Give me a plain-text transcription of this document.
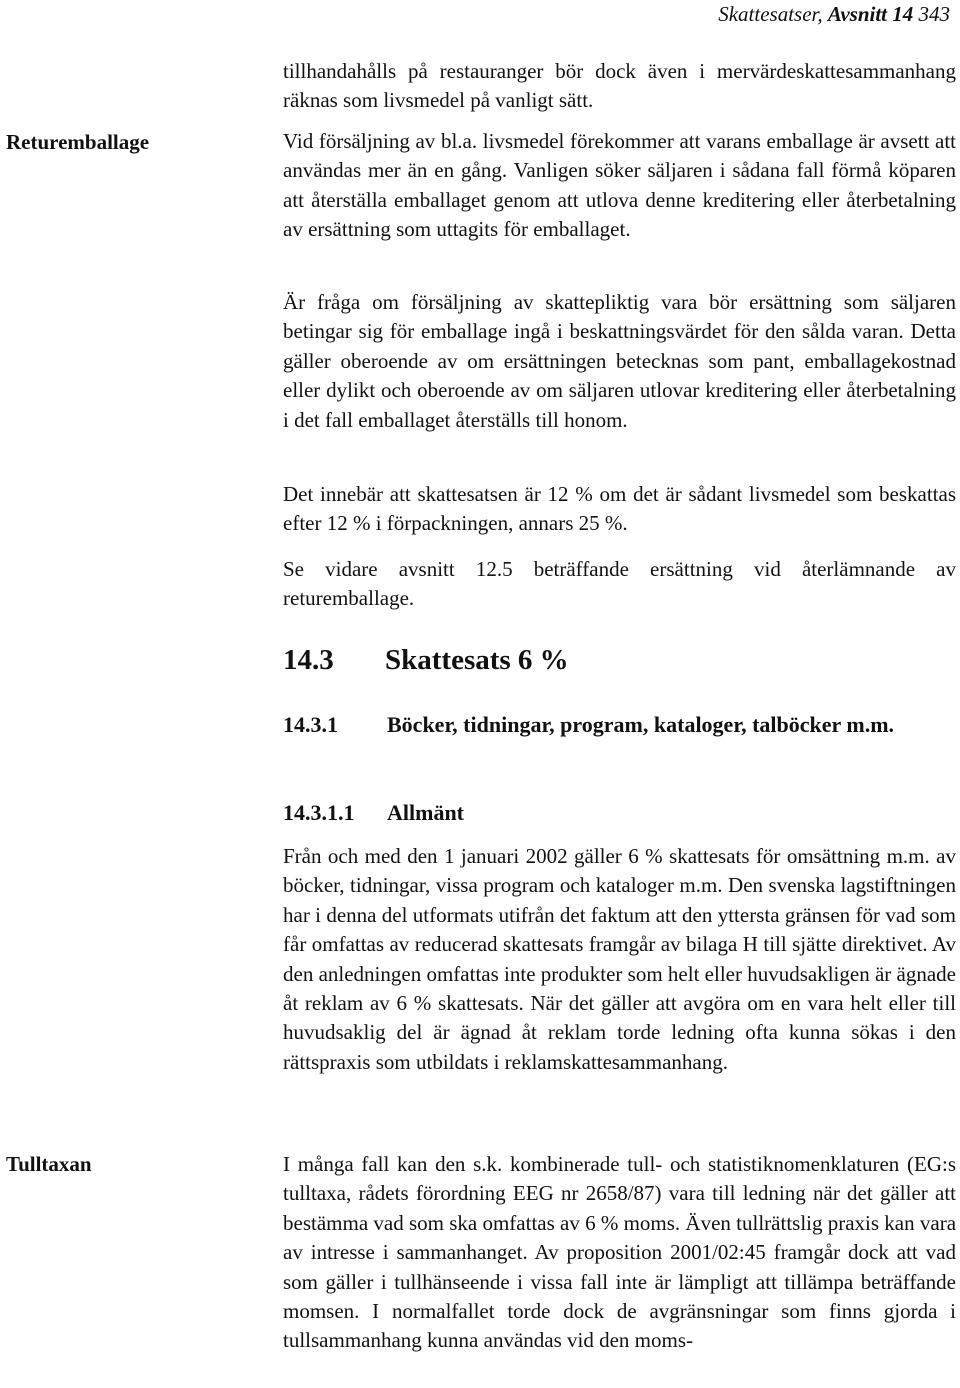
Skattesatser, Avsnitt 14 343
Returemballage
Tulltaxan
tillhandahålls på restauranger bör dock även i mervärdeskattesammanhang räknas som livsmedel på vanligt sätt.
Vid försäljning av bl.a. livsmedel förekommer att varans emballage är avsett att användas mer än en gång. Vanligen söker säljaren i sådana fall förmå köparen att återställa emballaget genom att utlova denne kreditering eller återbetalning av ersättning som uttagits för emballaget.
Är fråga om försäljning av skattepliktig vara bör ersättning som säljaren betingar sig för emballage ingå i beskattningsvärdet för den sålda varan. Detta gäller oberoende av om ersättningen betecknas som pant, emballagekostnad eller dylikt och oberoende av om säljaren utlovar kreditering eller återbetalning i det fall emballaget återställs till honom.
Det innebär att skattesatsen är 12 % om det är sådant livsmedel som beskattas efter 12 % i förpackningen, annars 25 %.
Se vidare avsnitt 12.5 beträffande ersättning vid återlämnande av returemballage.
14.3 Skattesats 6 %
14.3.1 Böcker, tidningar, program, kataloger, talböcker m.m.
14.3.1.1 Allmänt
Från och med den 1 januari 2002 gäller 6 % skattesats för omsättning m.m. av böcker, tidningar, vissa program och kataloger m.m. Den svenska lagstiftningen har i denna del utformats utifrån det faktum att den yttersta gränsen för vad som får omfattas av reducerad skattesats framgår av bilaga H till sjätte direktivet. Av den anledningen omfattas inte produkter som helt eller huvudsakligen är ägnade åt reklam av 6 % skattesats. När det gäller att avgöra om en vara helt eller till huvudsaklig del är ägnad åt reklam torde ledning ofta kunna sökas i den rättspraxis som utbildats i reklamskattesammanhang.
I många fall kan den s.k. kombinerade tull- och statistiknomenklaturen (EG:s tulltaxa, rådets förordning EEG nr 2658/87) vara till ledning när det gäller att bestämma vad som ska omfattas av 6 % moms. Även tullrättslig praxis kan vara av intresse i sammanhanget. Av proposition 2001/02:45 framgår dock att vad som gäller i tullhänseende i vissa fall inte är lämpligt att tillämpa beträffande momsen. I normalfallet torde dock de avgränsningar som finns gjorda i tullsammanhang kunna användas vid den moms-
